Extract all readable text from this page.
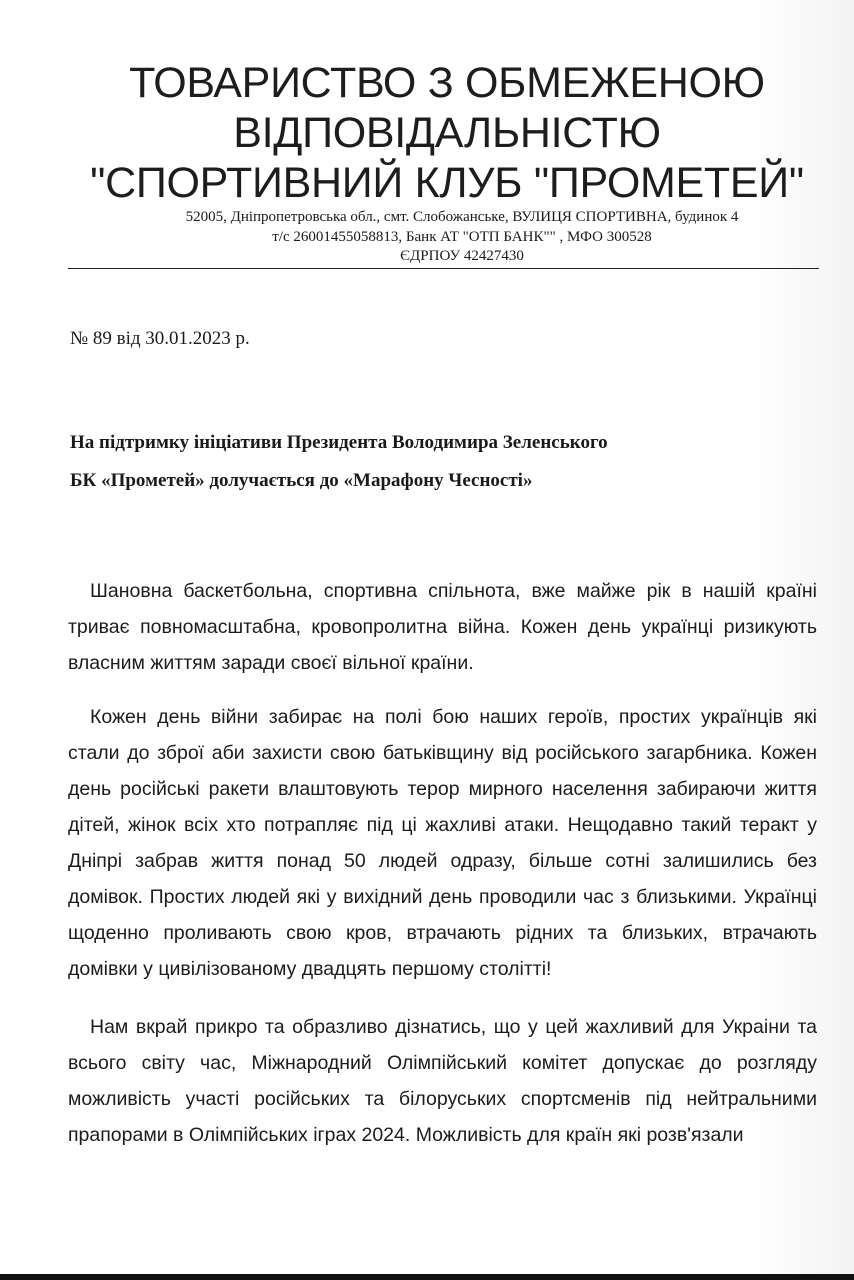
ТОВАРИСТВО З ОБМЕЖЕНОЮ
ВІДПОВІДАЛЬНІСТЮ
"СПОРТИВНИЙ КЛУБ "ПРОМЕТЕЙ"
52005, Дніпропетровська обл., смт. Слобожанське, ВУЛИЦЯ СПОРТИВНА, будинок 4
т/с 26001455058813, Банк АТ "ОТП БАНК"" , МФО 300528
ЄДРПОУ 42427430
№ 89 від 30.01.2023 р.
На підтримку ініціативи Президента Володимира Зеленського
БК «Прометей» долучається до «Марафону Чесності»

Шановна баскетбольна, спортивна спільнота, вже майже рік в нашій країні триває повномасштабна, кровопролитна війна. Кожен день українці ризикують власним життям заради своєї вільної країни.

Кожен день війни забирає на полі бою наших героїв, простих українців які стали до зброї аби захисти свою батьківщину від російського загарбника. Кожен день російські ракети влаштовують терор мирного населення забираючи життя дітей, жінок всіх хто потрапляє під ці жахливі атаки. Нещодавно такий теракт у Дніпрі забрав життя понад 50 людей одразу, більше сотні залишились без домівок. Простих людей які у вихідний день проводили час з близькими. Українці щоденно проливають свою кров, втрачають рідних та близьких, втрачають домівки у цивілізованому двадцять першому столітті!

Нам вкрай прикро та образливо дізнатись, що у цей жахливий для Украіни та всього світу час, Міжнародний Олімпійський комітет допускає до розгляду можливість участі російських та білоруських спортсменів під нейтральними прапорами в Олімпійських іграх 2024. Можливість для країн які розв'язали
